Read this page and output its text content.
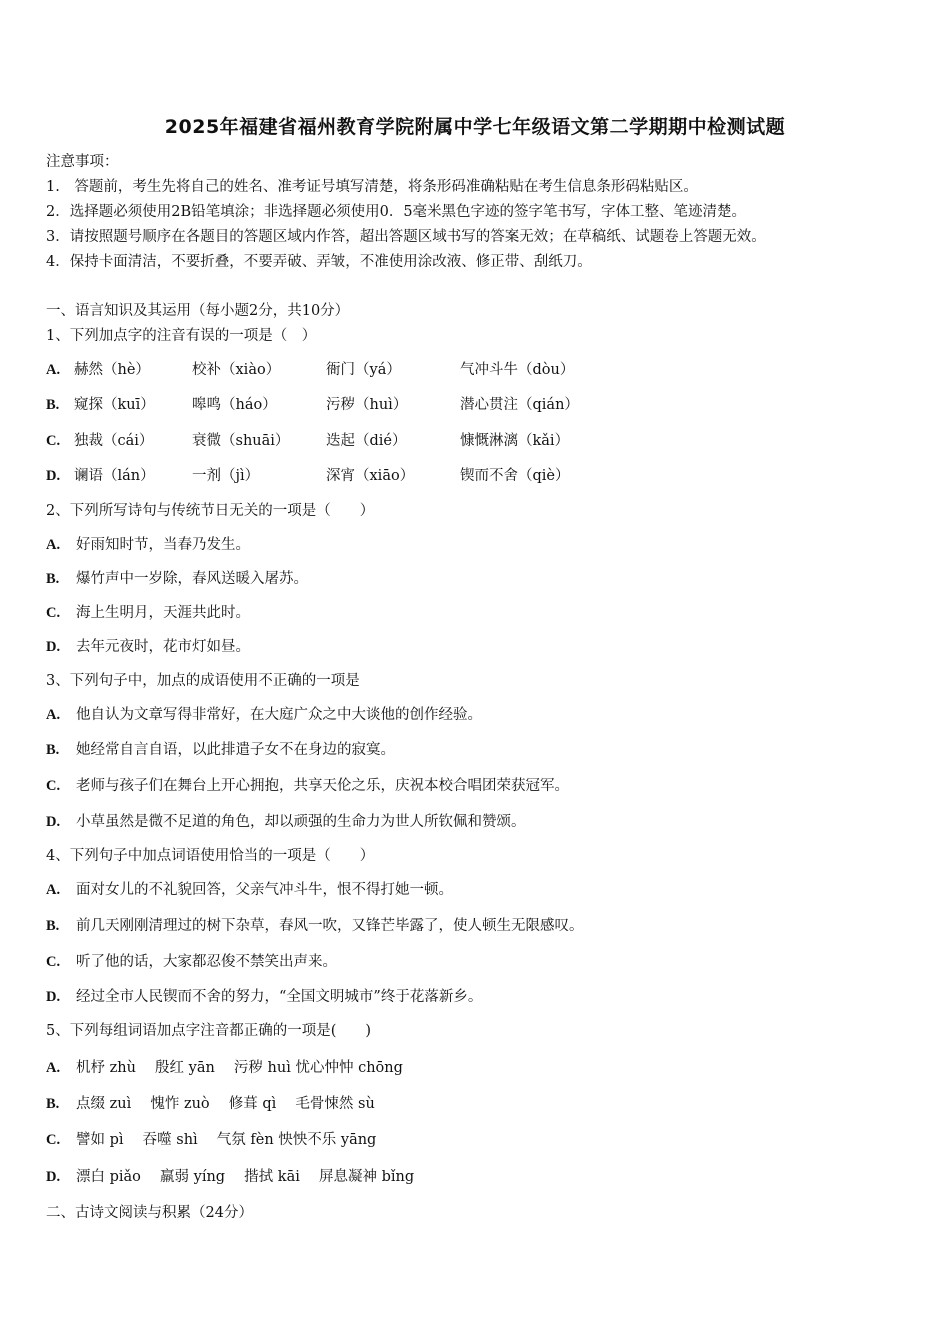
2025年福建省福州教育学院附属中学七年级语文第二学期期中检测试题
注意事项：
1.　答题前，考生先将自己的姓名、准考证号填写清楚，将条形码准确粘贴在考生信息条形码粘贴区。
2．选择题必须使用2B铅笔填涂；非选择题必须使用0．5毫米黑色字迹的签字笔书写，字体工整、笔迹清楚。
3．请按照题号顺序在各题目的答题区域内作答，超出答题区域书写的答案无效；在草稿纸、试题卷上答题无效。
4．保持卡面清洁，不要折叠，不要弄破、弄皱，不准使用涂改液、修正带、刮纸刀。
一、语言知识及其运用（每小题2分，共10分）
1、下列加点字的注音有误的一项是（　）
A. 赫然（hè）	校补（xiào）	衙门（yá）	气冲斗牛（dòu）
B. 窥探（kuī）	嗥鸣（háo）	污秽（huì）	潜心贯注（qián）
C. 独裁（cái）	衰微（shuāi）	迭起（dié）	慷慨淋漓（kǎi）
D. 谰语（lán）	一剂（jì）	深宵（xiāo）	锲而不舍（qiè）
2、下列所写诗句与传统节日无关的一项是（　　）
A. 好雨知时节，当春乃发生。
B. 爆竹声中一岁除，春风送暖入屠苏。
C. 海上生明月，天涯共此时。
D. 去年元夜时，花市灯如昼。
3、下列句子中，加点的成语使用不正确的一项是
A. 他自认为文章写得非常好，在大庭广众之中大谈他的创作经验。
B. 她经常自言自语，以此排遣子女不在身边的寂寞。
C. 老师与孩子们在舞台上开心拥抱，共享天伦之乐，庆祝本校合唱团荣获冠军。
D. 小草虽然是微不足道的角色，却以顽强的生命力为世人所钦佩和赞颂。
4、下列句子中加点词语使用恰当的一项是（　　）
A. 面对女儿的不礼貌回答，父亲气冲斗牛，恨不得打她一顿。
B. 前几天刚刚清理过的树下杂草，春风一吹，又锋芒毕露了，使人顿生无限感叹。
C. 听了他的话，大家都忍俊不禁笑出声来。
D. 经过全市人民锲而不舍的努力，“全国文明城市”终于花落新乡。
5、下列每组词语加点字注音都正确的一项是(　　)
A. 机杼 zhù　 殷红 yān　 污秽 huì 忧心忡忡 chōng
B. 点缀 zuì　 愧怍 zuò　 修葺 qì　 毛骨悚然 sù
C. 譬如 pì　 吞噬 shì　 气氛 fèn 怏怏不乐 yāng
D. 漂白 piǎo　 羸弱 yíng　 揩拭 kāi　 屏息凝神 bǐng
二、古诗文阅读与积累（24分）
